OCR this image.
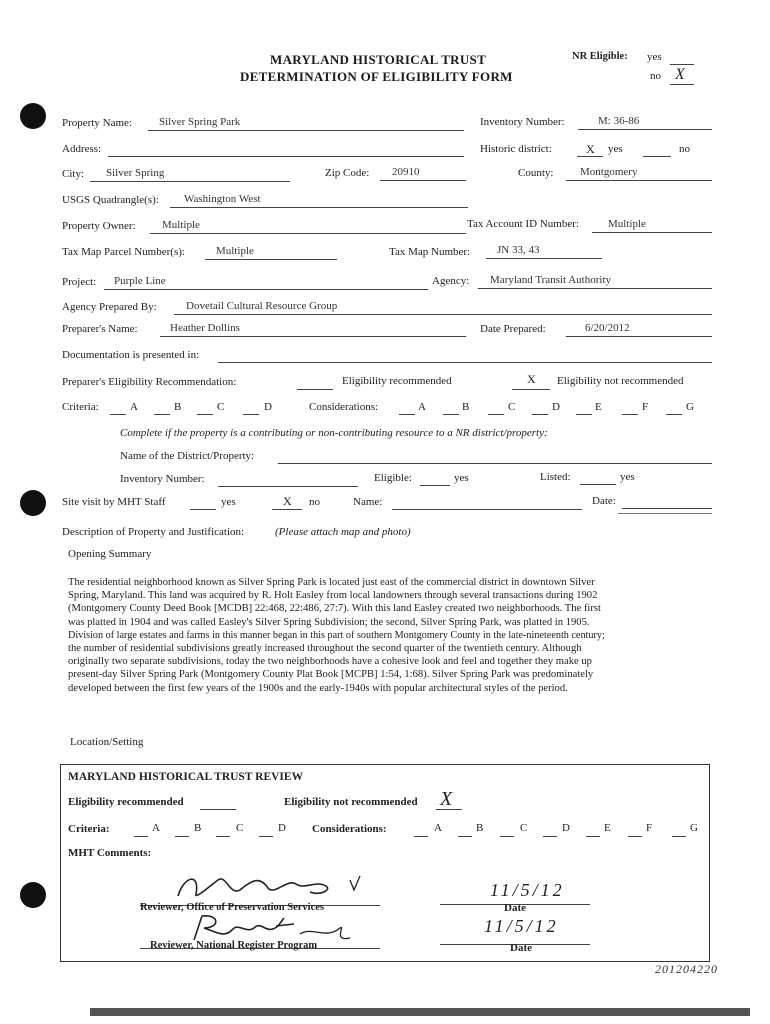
MARYLAND HISTORICAL TRUST
DETERMINATION OF ELIGIBILITY FORM
NR Eligible: yes
no X
Property Name: Silver Spring Park	Inventory Number:	M: 36-86
Address:	Historic district:	X yes	no
City: Silver Spring	Zip Code: 20910	County: Montgomery
USGS Quadrangle(s): Washington West
Property Owner: Multiple	Tax Account ID Number:	Multiple
Tax Map Parcel Number(s):	Multiple	Tax Map Number: JN 33, 43
Project: Purple Line	Agency: Maryland Transit Authority
Agency Prepared By:	Dovetail Cultural Resource Group
Preparer's Name:	Heather Dollins	Date Prepared:	6/20/2012
Documentation is presented in:
Preparer's Eligibility Recommendation:	Eligibility recommended	X Eligibility not recommended
Criteria:	A	B	C	D	Considerations:	A	B	C	D	E	F	G
Complete if the property is a contributing or non-contributing resource to a NR district/property:
Name of the District/Property:
Inventory Number:	Eligible:	yes	Listed:	yes
Site visit by MHT Staff	yes	X no	Name:	Date:
Description of Property and Justification:	(Please attach map and photo)
Opening Summary
The residential neighborhood known as Silver Spring Park is located just east of the commercial district in downtown Silver
Spring, Maryland. This land was acquired by R. Holt Easley from local landowners through several transactions during 1902
(Montgomery County Deed Book [MCDB] 22:468, 22:486, 27:7). With this land Easley created two neighborhoods. The first
was platted in 1904 and was called Easley's Silver Spring Subdivision; the second, Silver Spring Park, was platted in 1905.
Division of large estates and farms in this manner began in this part of southern Montgomery County in the late-nineteenth century;
the number of residential subdivisions greatly increased throughout the second quarter of the twentieth century. Although
originally two separate subdivisions, today the two neighborhoods have a cohesive look and feel and together they make up
present-day Silver Spring Park (Montgomery County Plat Book [MCPB] 1:54, 1:68). Silver Spring Park was predominately
developed between the first few years of the 1900s and the early-1940s with popular architectural styles of the period.
Location/Setting
MARYLAND HISTORICAL TRUST REVIEW
Eligibility recommended	Eligibility not recommended X
Criteria:	A	B	C	D Considerations:	A	B	C	D	E	F	G
MHT Comments:
Reviewer, Office of Preservation Services
Reviewer, National Register Program
11/5/12
Date
11/5/12
Date
201204220
